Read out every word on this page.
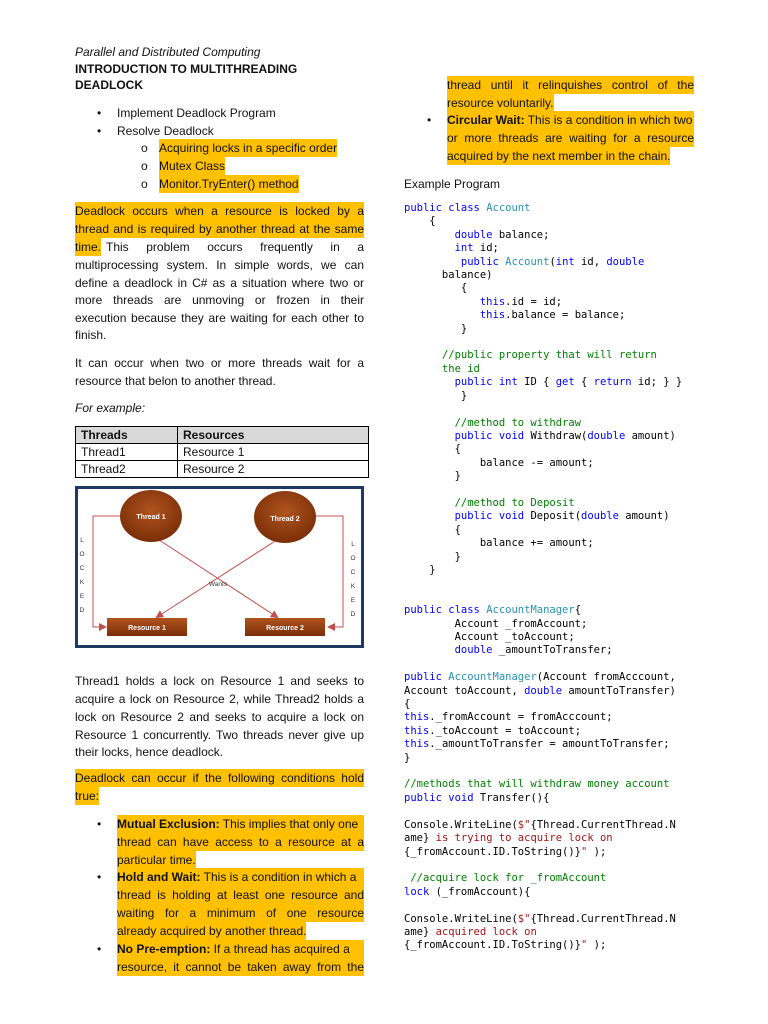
Parallel and Distributed Computing
INTRODUCTION TO MULTITHREADING
DEADLOCK
• Implement Deadlock Program
• Resolve Deadlock
o Acquiring locks in a specific order
o Mutex Class
o Monitor.TryEnter() method
Deadlock occurs when a resource is locked by a
thread and is required by another thread at the same
time. This problem occurs frequently in a
multiprocessing system. In simple words, we can
define a deadlock in C# as a situation where two or
more threads are unmoving or frozen in their
execution because they are waiting for each other to
finish.
It can occur when two or more threads wait for a
resource that belon to another thread.
For example:
Threads	Resources
Thread1	Resource 1
Thread2	Resource 2
Thread 1	Thread 2
Resource 1	Resource 2
Wants
L
O
C
K
E
D
L
O
C
K
E
D
Thread1 holds a lock on Resource 1 and seeks to
acquire a lock on Resource 2, while Thread2 holds a
lock on Resource 2 and seeks to acquire a lock on
Resource 1 concurrently. Two threads never give up
their locks, hence deadlock.
Deadlock can occur if the following conditions hold
true:
• Mutual Exclusion: This implies that only one
thread can have access to a resource at a
particular time.
• Hold and Wait: This is a condition in which a
thread is holding at least one resource and
waiting for a minimum of one resource
already acquired by another thread.
• No Pre-emption: If a thread has acquired a
resource, it cannot be taken away from the
thread until it relinquishes control of the
resource voluntarily.
• Circular Wait: This is a condition in which two
or more threads are waiting for a resource
acquired by the next member in the chain.
Example Program
public class Account
{
double balance;
int id;
public Account(int id, double
balance)
{
this.id = id;
this.balance = balance;
}

//public property that will return
the id
public int ID { get { return id; } }
}

//method to withdraw
public void Withdraw(double amount)
{
balance -= amount;
}

//method to Deposit
public void Deposit(double amount)
{
balance += amount;
}
}

public class AccountManager{
Account _fromAccount;
Account _toAccount;
double _amountToTransfer;

public AccountManager(Account fromAcccount,
Account toAccount, double amountToTransfer)
{
this._fromAccount = fromAcccount;
this._toAccount = toAccount;
this._amountToTransfer = amountToTransfer;
}

//methods that will withdraw money account
public void Transfer(){

Console.WriteLine($"{Thread.CurrentThread.N
ame} is trying to acquire lock on
{_fromAccount.ID.ToString()}" );

//acquire lock for _fromAccount
lock (_fromAccount){

Console.WriteLine($"{Thread.CurrentThread.N
ame} acquired lock on
{_fromAccount.ID.ToString()}" );
